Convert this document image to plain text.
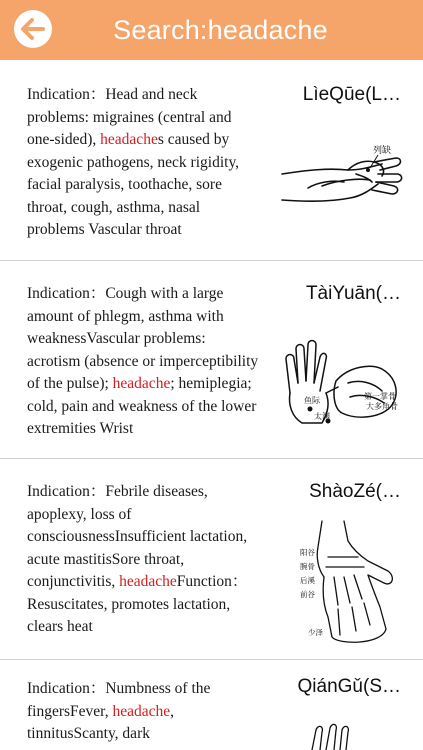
Search:headache
Indication：Head and neck problems: migraines (central and one-sided), headaches caused by exogenic pathogens, neck rigidity, facial paralysis, toothache, sore throat, cough, asthma, nasal problems Vascular throat
LìeQūe(L…
列缺
Indication：Cough with a large amount of phlegm, asthma with weaknessVascular problems: acrotism (absence or imperceptibility of the pulse); headache; hemiplegia; cold, pain and weakness of the lower extremities Wrist
TàiYuān(…
鱼际
太渊
第一掌骨
大多角骨
Indication：Febrile diseases, apoplexy, loss of consciousnessInsufficient lactation, acute mastitisSore throat, conjunctivitis, headacheFunction：Resuscitates, promotes lactation, clears heat
ShàoZé(…
阳谷
腕骨
后溪
前谷
少泽
Indication：Numbness of the fingersFever, headache, tinnitusScanty, dark
QiánGǔ(S…
